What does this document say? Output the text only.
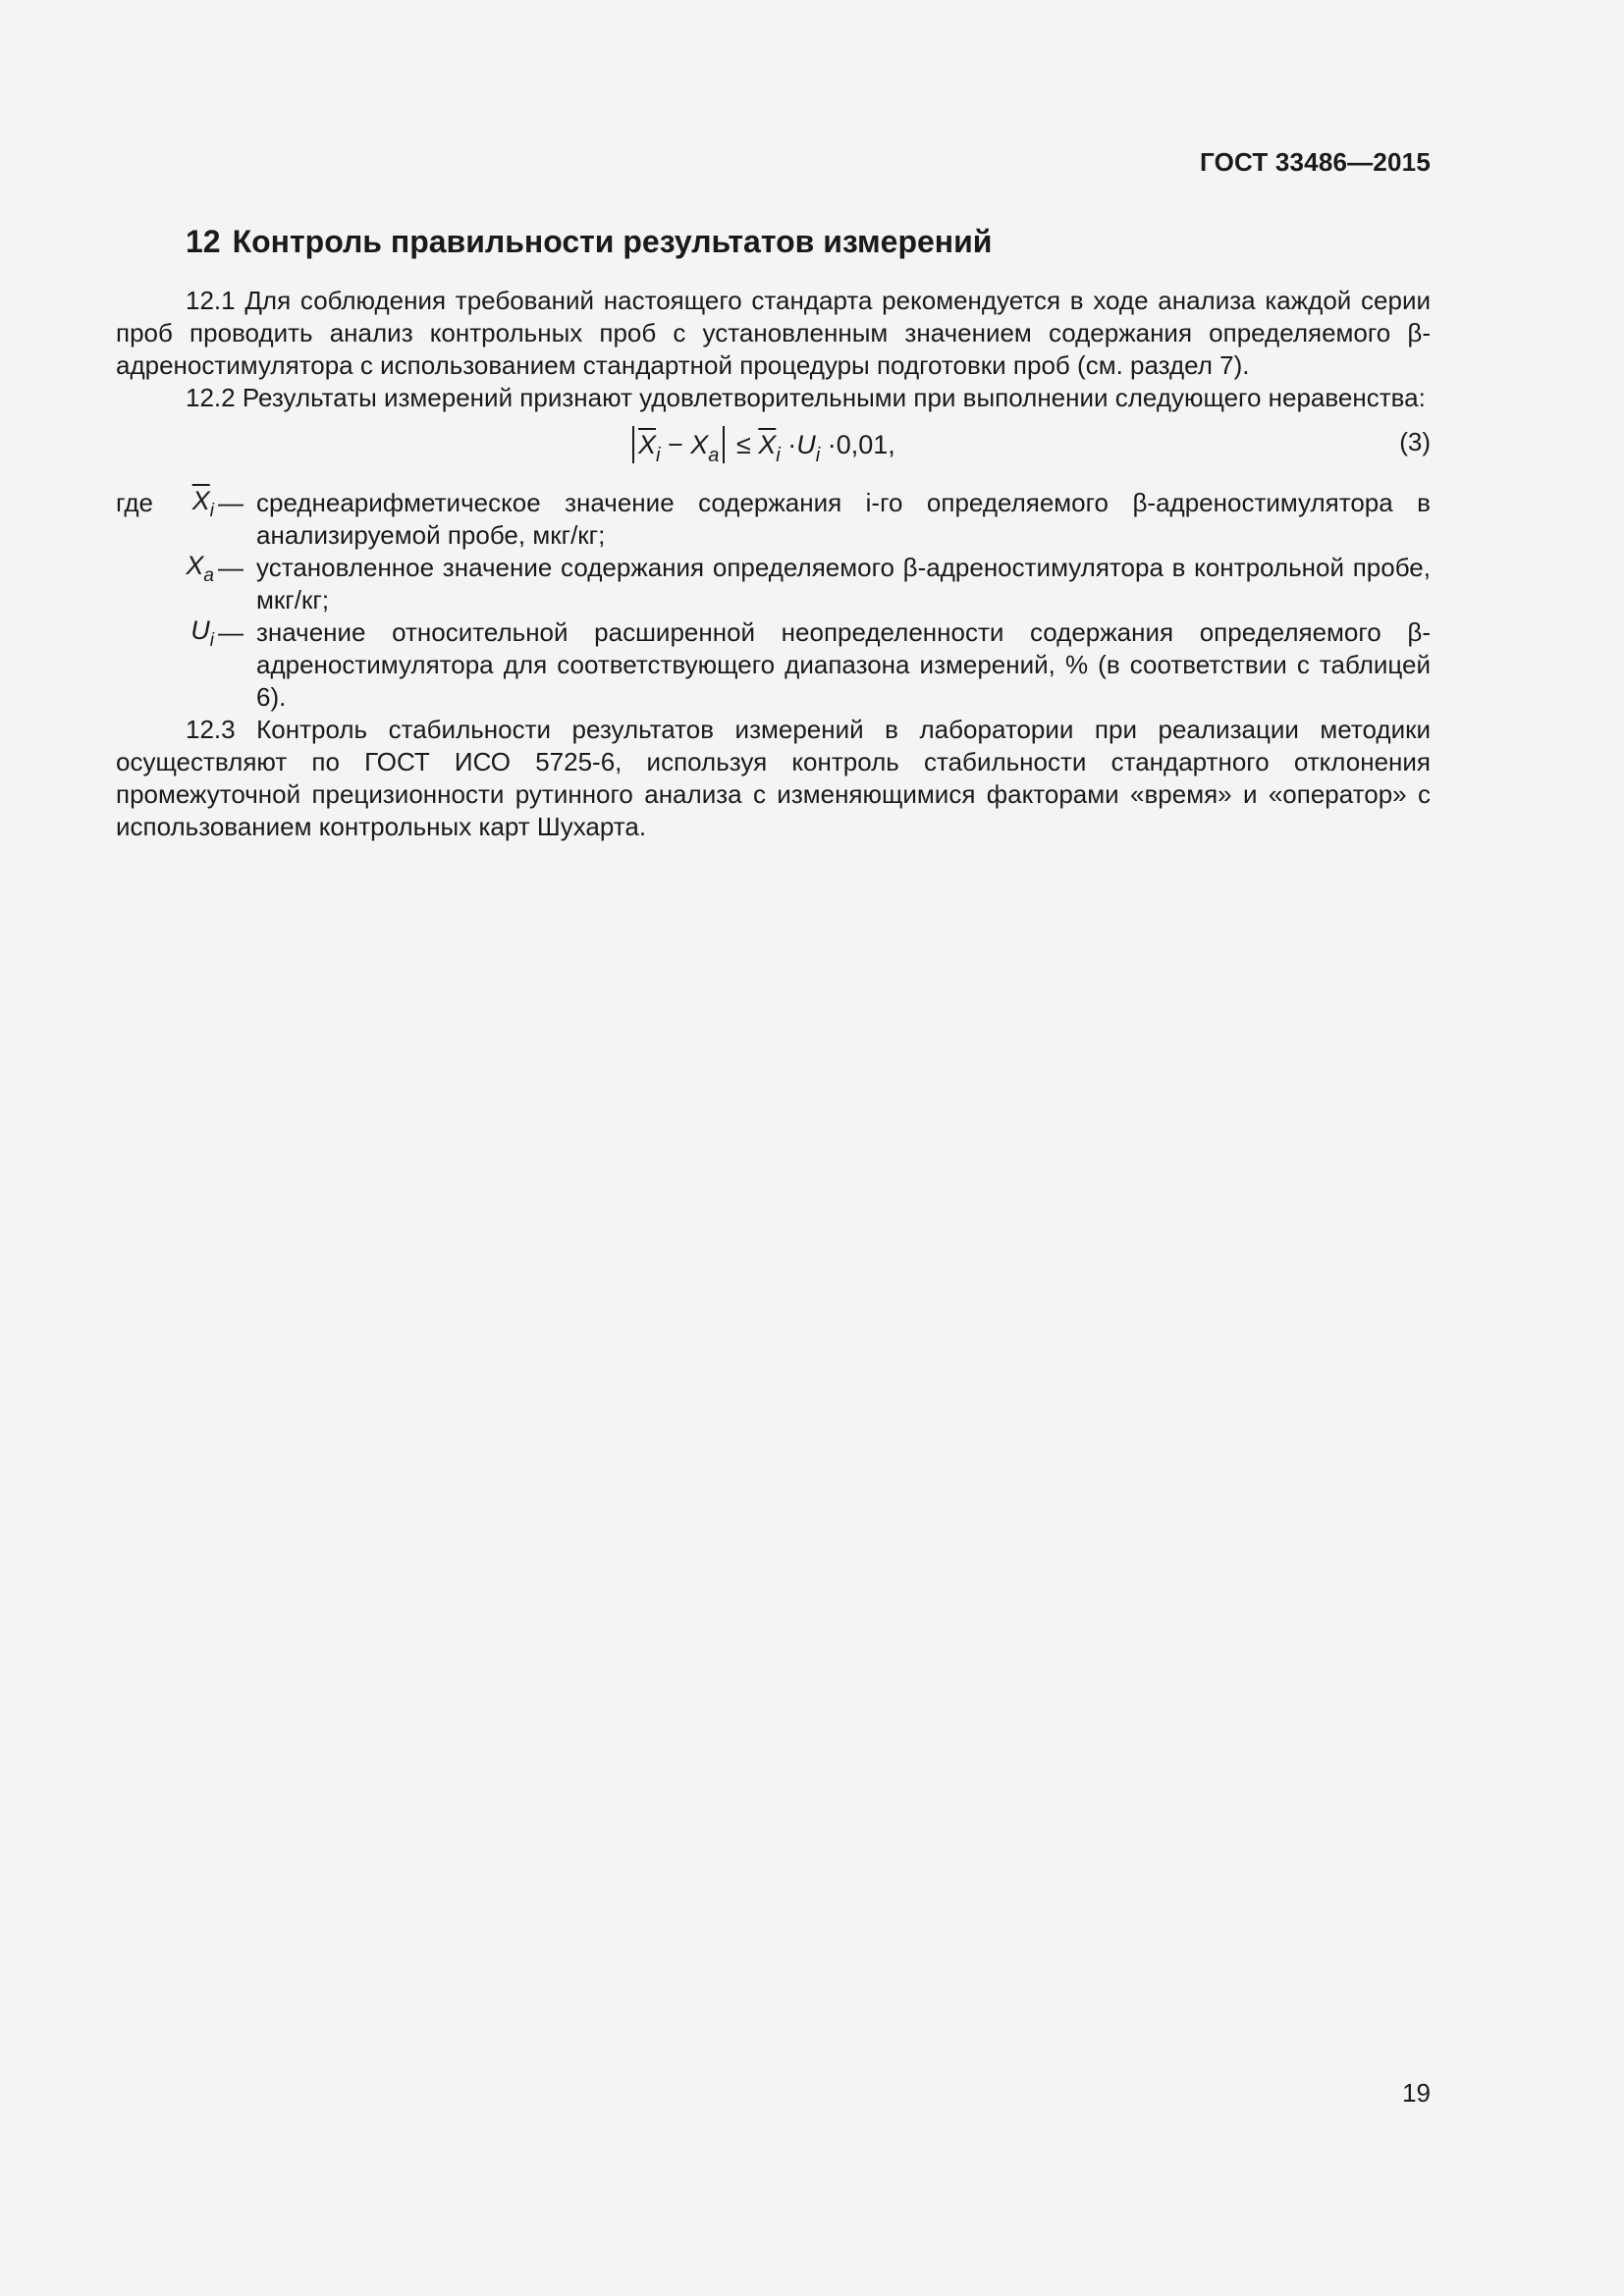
ГОСТ 33486—2015
12 Контроль правильности результатов измерений

12.1 Для соблюдения требований настоящего стандарта рекомендуется в ходе анализа каждой серии проб проводить анализ контрольных проб с установленным значением содержания определяемого β-адреностимулятора с использованием стандартной процедуры подготовки проб (см. раздел 7).

12.2 Результаты измерений признают удовлетворительными при выполнении следующего неравенства:

$\overline{X}_i - X_a \le \overline{X}_i \cdot U_i \cdot 0,01$,	(3)
где $\overline{X}_i$ — среднеарифметическое значение содержания i-го определяемого β-адреностимулятора в анализируемой пробе, мкг/кг;
$X_a$ — установленное значение содержания определяемого β-адреностимулятора в контрольной пробе, мкг/кг;
$U_i$ — значение относительной расширенной неопределенности содержания определяемого β-адреностимулятора для соответствующего диапазона измерений, % (в соответствии с таблицей 6).

12.3 Контроль стабильности результатов измерений в лаборатории при реализации методики осуществляют по ГОСТ ИСО 5725-6, используя контроль стабильности стандартного отклонения промежуточной прецизионности рутинного анализа с изменяющимися факторами «время» и «оператор» с использованием контрольных карт Шухарта.

19
